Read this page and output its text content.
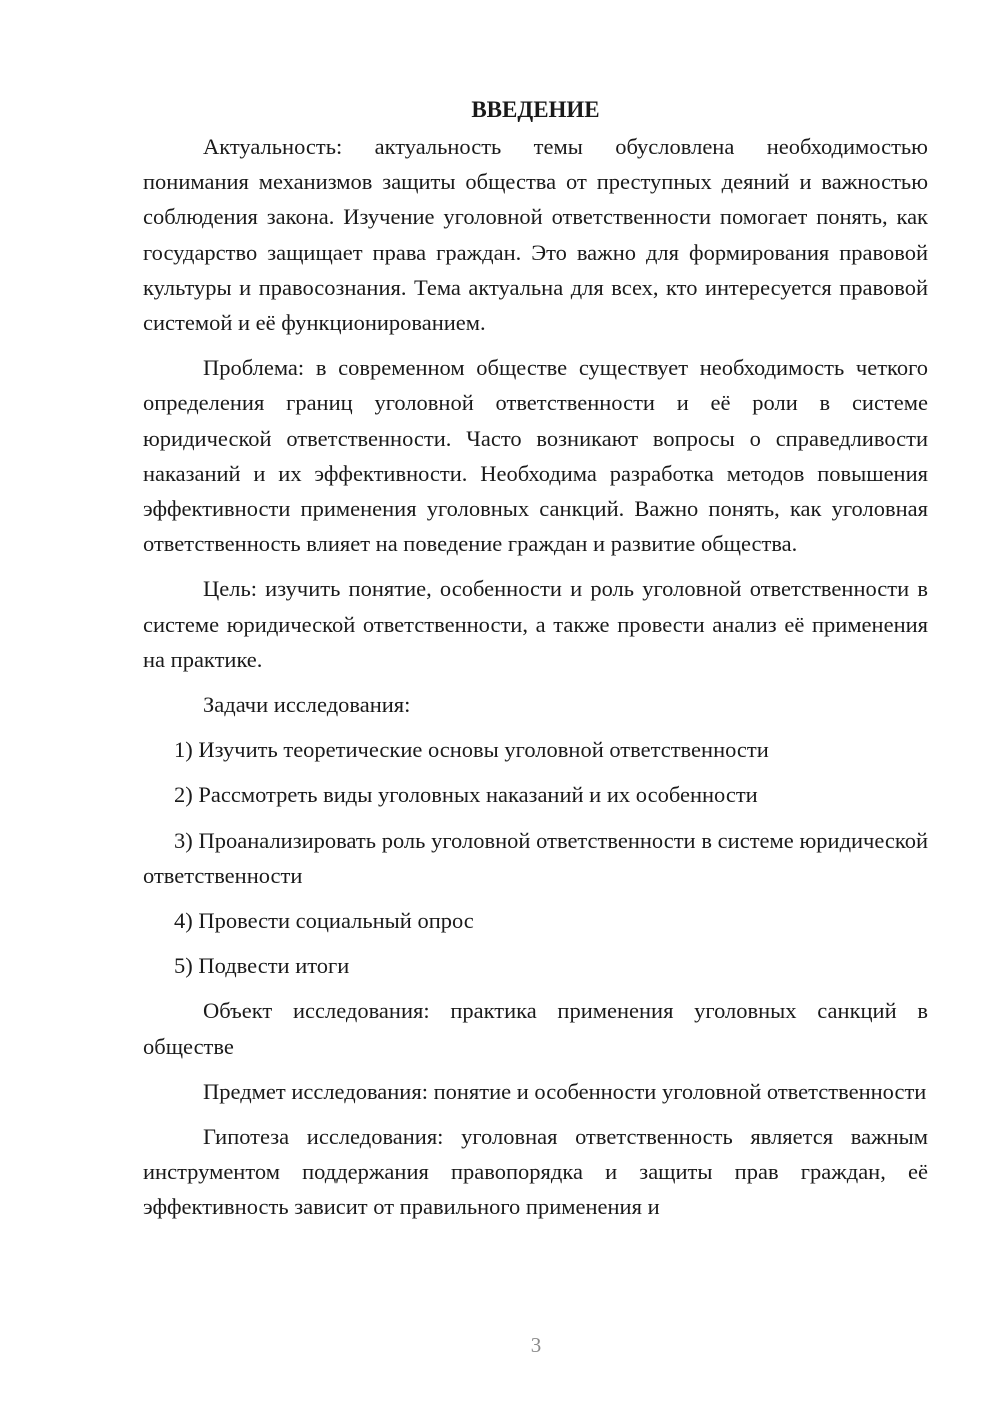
ВВЕДЕНИЕ

Актуальность: актуальность темы обусловлена необходимостью понимания механизмов защиты общества от преступных деяний и важностью соблюдения закона. Изучение уголовной ответственности помогает понять, как государство защищает права граждан. Это важно для формирования правовой культуры и правосознания. Тема актуальна для всех, кто интересуется правовой системой и её функционированием.

Проблема: в современном обществе существует необходимость четкого определения границ уголовной ответственности и её роли в системе юридической ответственности. Часто возникают вопросы о справедливости наказаний и их эффективности. Необходима разработка методов повышения эффективности применения уголовных санкций. Важно понять, как уголовная ответственность влияет на поведение граждан и развитие общества.

Цель: изучить понятие, особенности и роль уголовной ответственности в системе юридической ответственности, а также провести анализ её применения на практике.

Задачи исследования:

1) Изучить теоретические основы уголовной ответственности

2) Рассмотреть виды уголовных наказаний и их особенности

3) Проанализировать роль уголовной ответственности в системе юридической ответственности

4) Провести социальный опрос

5) Подвести итоги

Объект исследования: практика применения уголовных санкций в обществе

Предмет исследования: понятие и особенности уголовной ответственности

Гипотеза исследования: уголовная ответственность является важным инструментом поддержания правопорядка и защиты прав граждан, её эффективность зависит от правильного применения и

3
